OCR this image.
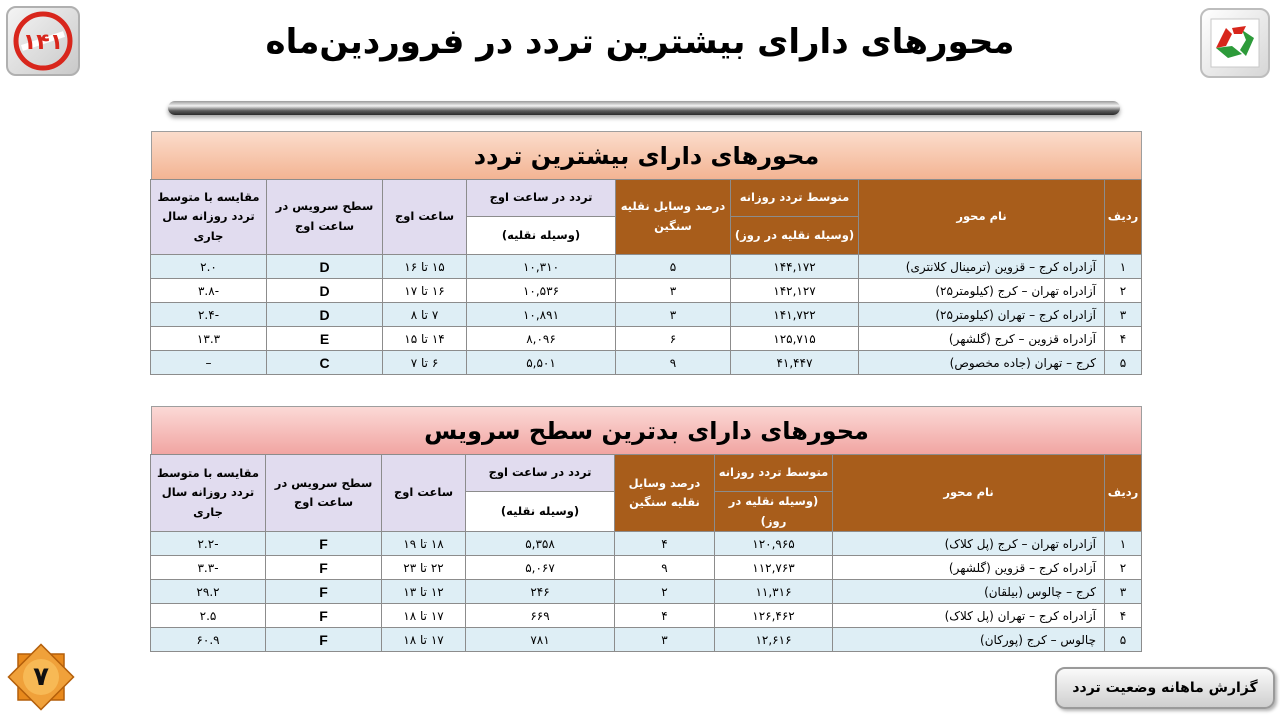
۱۴۱	محورهای دارای بیشترین تردد در فروردین‌ماه
محورهای دارای بیشترین تردد
ردیف	نام محور	متوسط تردد روزانه	درصد وسایل نقلیه سنگین	تردد در ساعت اوج	ساعت اوج	سطح سرویس در ساعت اوج	مقایسه با متوسط تردد روزانه سال جاری
		(وسیله نقلیه در روز)		(وسیله نقلیه)			
۱	آزادراه کرج – قزوین (ترمینال کلانتری)	۱۴۴,۱۷۲	۵	۱۰,۳۱۰	۱۵ تا ۱۶	D	۲.۰
۲	آزادراه تهران – کرج (کیلومتر۲۵)	۱۴۲,۱۲۷	۳	۱۰,۵۳۶	۱۶ تا ۱۷	D	-۳.۸
۳	آزادراه کرج – تهران (کیلومتر۲۵)	۱۴۱,۷۲۲	۳	۱۰,۸۹۱	۷ تا ۸	D	-۲.۴
۴	آزادراه قزوین – کرج (گلشهر)	۱۲۵,۷۱۵	۶	۸,۰۹۶	۱۴ تا ۱۵	E	۱۳.۳
۵	کرج – تهران (جاده مخصوص)	۴۱,۴۴۷	۹	۵,۵۰۱	۶ تا ۷	C	–
محورهای دارای بدترین سطح سرویس
ردیف	نام محور	متوسط تردد روزانه	درصد وسایل نقلیه سنگین	تردد در ساعت اوج	ساعت اوج	سطح سرویس در ساعت اوج	مقایسه با متوسط تردد روزانه سال جاری
		(وسیله نقلیه در روز)		(وسیله نقلیه)			
۱	آزادراه تهران – کرج (پل کلاک)	۱۲۰,۹۶۵	۴	۵,۳۵۸	۱۸ تا ۱۹	F	-۲.۲
۲	آزادراه کرج – قزوین (گلشهر)	۱۱۲,۷۶۳	۹	۵,۰۶۷	۲۲ تا ۲۳	F	-۳.۳
۳	کرج – چالوس (بیلقان)	۱۱,۳۱۶	۲	۲۴۶	۱۲ تا ۱۳	F	۲۹.۲
۴	آزادراه کرج – تهران (پل کلاک)	۱۲۶,۴۶۲	۴	۶۶۹	۱۷ تا ۱۸	F	۲.۵
۵	چالوس – کرج (پورکان)	۱۲,۶۱۶	۳	۷۸۱	۱۷ تا ۱۸	F	۶۰.۹
۷	گزارش ماهانه وضعیت تردد
